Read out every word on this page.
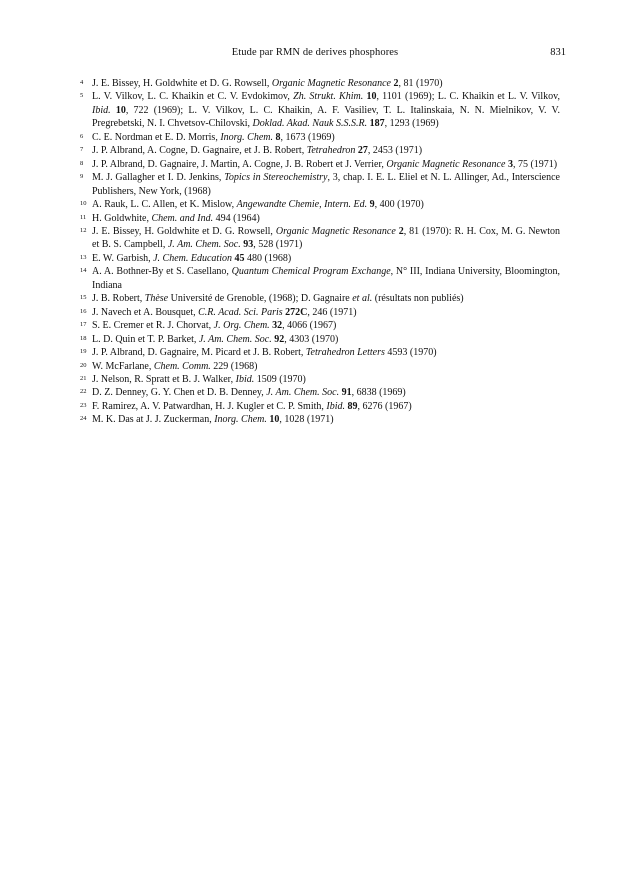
Etude par RMN de derives phosphores	831
4 J. E. Bissey, H. Goldwhite et D. G. Rowsell, Organic Magnetic Resonance 2, 81 (1970)
5 L. V. Vilkov, L. C. Khaikin et C. V. Evdokimov, Zh. Strukt. Khim. 10, 1101 (1969); L. C. Khaikin et L. V. Vilkov, Ibid. 10, 722 (1969); L. V. Vilkov, L. C. Khaikin, A. F. Vasiliev, T. L. Italinskaia, N. N. Mielnikov, V. V. Pregrebetski, N. I. Chvetsov-Chilovski, Doklad. Akad. Nauk S.S.S.R. 187, 1293 (1969)
6 C. E. Nordman et E. D. Morris, Inorg. Chem. 8, 1673 (1969)
7 J. P. Albrand, A. Cogne, D. Gagnaire, et J. B. Robert, Tetrahedron 27, 2453 (1971)
8 J. P. Albrand, D. Gagnaire, J. Martin, A. Cogne, J. B. Robert et J. Verrier, Organic Magnetic Resonance 3, 75 (1971)
9 M. J. Gallagher et I. D. Jenkins, Topics in Stereochemistry, 3, chap. I. E. L. Eliel et N. L. Allinger, Ad., Interscience Publishers, New York, (1968)
10 A. Rauk, L. C. Allen, et K. Mislow, Angewandte Chemie, Intern. Ed. 9, 400 (1970)
11 H. Goldwhite, Chem. and Ind. 494 (1964)
12 J. E. Bissey, H. Goldwhite et D. G. Rowsell, Organic Magnetic Resonance 2, 81 (1970): R. H. Cox, M. G. Newton et B. S. Campbell, J. Am. Chem. Soc. 93, 528 (1971)
13 E. W. Garbish, J. Chem. Education 45 480 (1968)
14 A. A. Bothner-By et S. Casellano, Quantum Chemical Program Exchange, N° III, Indiana University, Bloomington, Indiana
15 J. B. Robert, Thèse Université de Grenoble, (1968); D. Gagnaire et al. (résultats non publiés)
16 J. Navech et A. Bousquet, C.R. Acad. Sci. Paris 272C, 246 (1971)
17 S. E. Cremer et R. J. Chorvat, J. Org. Chem. 32, 4066 (1967)
18 L. D. Quin et T. P. Barket, J. Am. Chem. Soc. 92, 4303 (1970)
19 J. P. Albrand, D. Gagnaire, M. Picard et J. B. Robert, Tetrahedron Letters 4593 (1970)
20 W. McFarlane, Chem. Comm. 229 (1968)
21 J. Nelson, R. Spratt et B. J. Walker, Ibid. 1509 (1970)
22 D. Z. Denney, G. Y. Chen et D. B. Denney, J. Am. Chem. Soc. 91, 6838 (1969)
23 F. Ramirez, A. V. Patwardhan, H. J. Kugler et C. P. Smith, Ibid. 89, 6276 (1967)
24 M. K. Das at J. J. Zuckerman, Inorg. Chem. 10, 1028 (1971)
